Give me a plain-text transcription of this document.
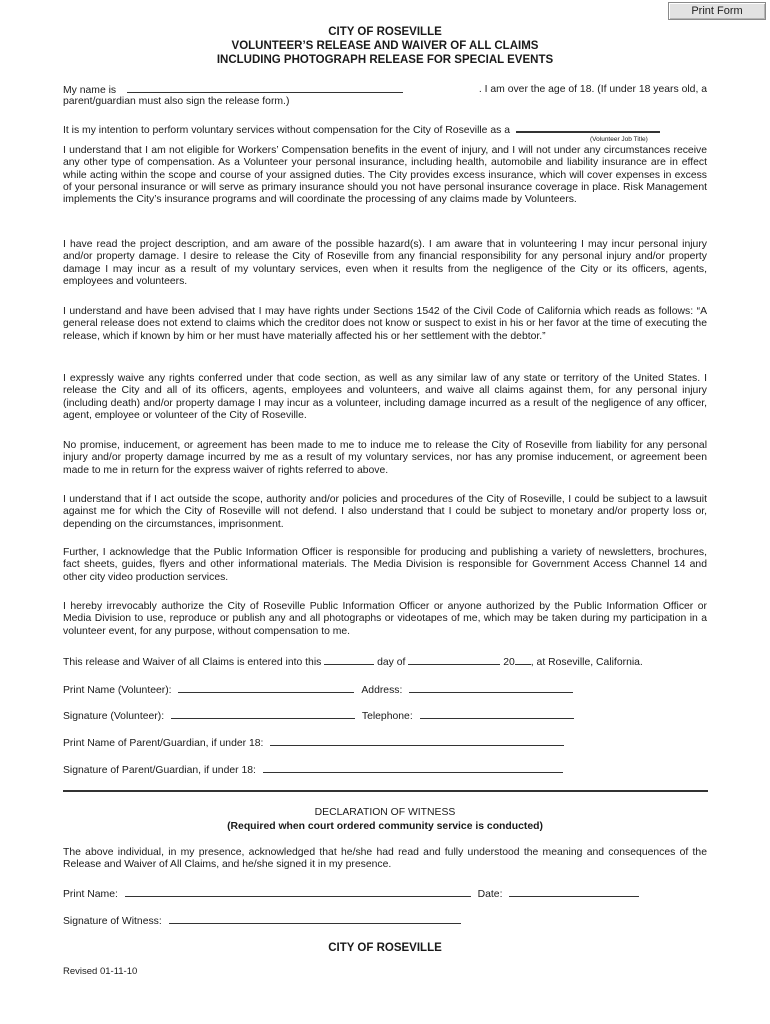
Print Form
CITY OF ROSEVILLE
VOLUNTEER’S RELEASE AND WAIVER OF ALL CLAIMS
INCLUDING PHOTOGRAPH RELEASE FOR SPECIAL EVENTS
My name is	. I am over the age of 18. (If under 18 years old, a
parent/guardian must also sign the release form.)
It is my intention to perform voluntary services without compensation for the City of Roseville as a
(Volunteer Job Title)

I understand that I am not eligible for Workers’ Compensation benefits in the event of injury, and I will not under any circumstances receive any other type of compensation. As a Volunteer your personal insurance, including health, automobile and liability insurance are in effect while acting within the scope and course of your assigned duties. The City provides excess insurance, which will cover expenses in excess of your personal insurance or will serve as primary insurance should you not have personal insurance coverage in place. Risk Management implements the City’s insurance programs and will coordinate the processing of any claims made by Volunteers.

I have read the project description, and am aware of the possible hazard(s). I am aware that in volunteering I may incur personal injury and/or property damage. I desire to release the City of Roseville from any financial responsibility for any personal injury and/or property damage I may incur as a result of my voluntary services, even when it results from the negligence of the City or its officers, agents, employees and volunteers.

I understand and have been advised that I may have rights under Sections 1542 of the Civil Code of California which reads as follows: “A general release does not extend to claims which the creditor does not know or suspect to exist in his or her favor at the time of executing the release, which if known by him or her must have materially affected his or her settlement with the debtor.”

I expressly waive any rights conferred under that code section, as well as any similar law of any state or territory of the United States. I release the City and all of its officers, agents, employees and volunteers, and waive all claims against them, for any personal injury (including death) and/or property damage I may incur as a volunteer, including damage incurred as a result of the negligence of any officer, agent, employee or volunteer of the City of Roseville.

No promise, inducement, or agreement has been made to me to induce me to release the City of Roseville from liability for any personal injury and/or property damage incurred by me as a result of my voluntary services, nor has any promise inducement, or agreement been made to me in return for the express waiver of rights referred to above.

I understand that if I act outside the scope, authority and/or policies and procedures of the City of Roseville, I could be subject to a lawsuit against me for which the City of Roseville will not defend. I also understand that I could be subject to monetary and/or property loss or, depending on the circumstances, imprisonment.

Further, I acknowledge that the Public Information Officer is responsible for producing and publishing a variety of newsletters, brochures, fact sheets, guides, flyers and other informational materials. The Media Division is responsible for Government Access Channel 14 and other city video production services.

I hereby irrevocably authorize the City of Roseville Public Information Officer or anyone authorized by the Public Information Officer or Media Division to use, reproduce or publish any and all photographs or videotapes of me, which may be taken during my participation in a volunteer event, for any purpose, without compensation to me.

This release and Waiver of all Claims is entered into this	day of	20 , at Roseville, California.
Print Name (Volunteer):	Address:
Signature (Volunteer):	Telephone:
Print Name of Parent/Guardian, if under 18:
Signature of Parent/Guardian, if under 18:
DECLARATION OF WITNESS
(Required when court ordered community service is conducted)

The above individual, in my presence, acknowledged that he/she had read and fully understood the meaning and consequences of the Release and Waiver of All Claims, and he/she signed it in my presence.

Print Name:	Date:
Signature of Witness:
CITY OF ROSEVILLE
Revised 01-11-10
